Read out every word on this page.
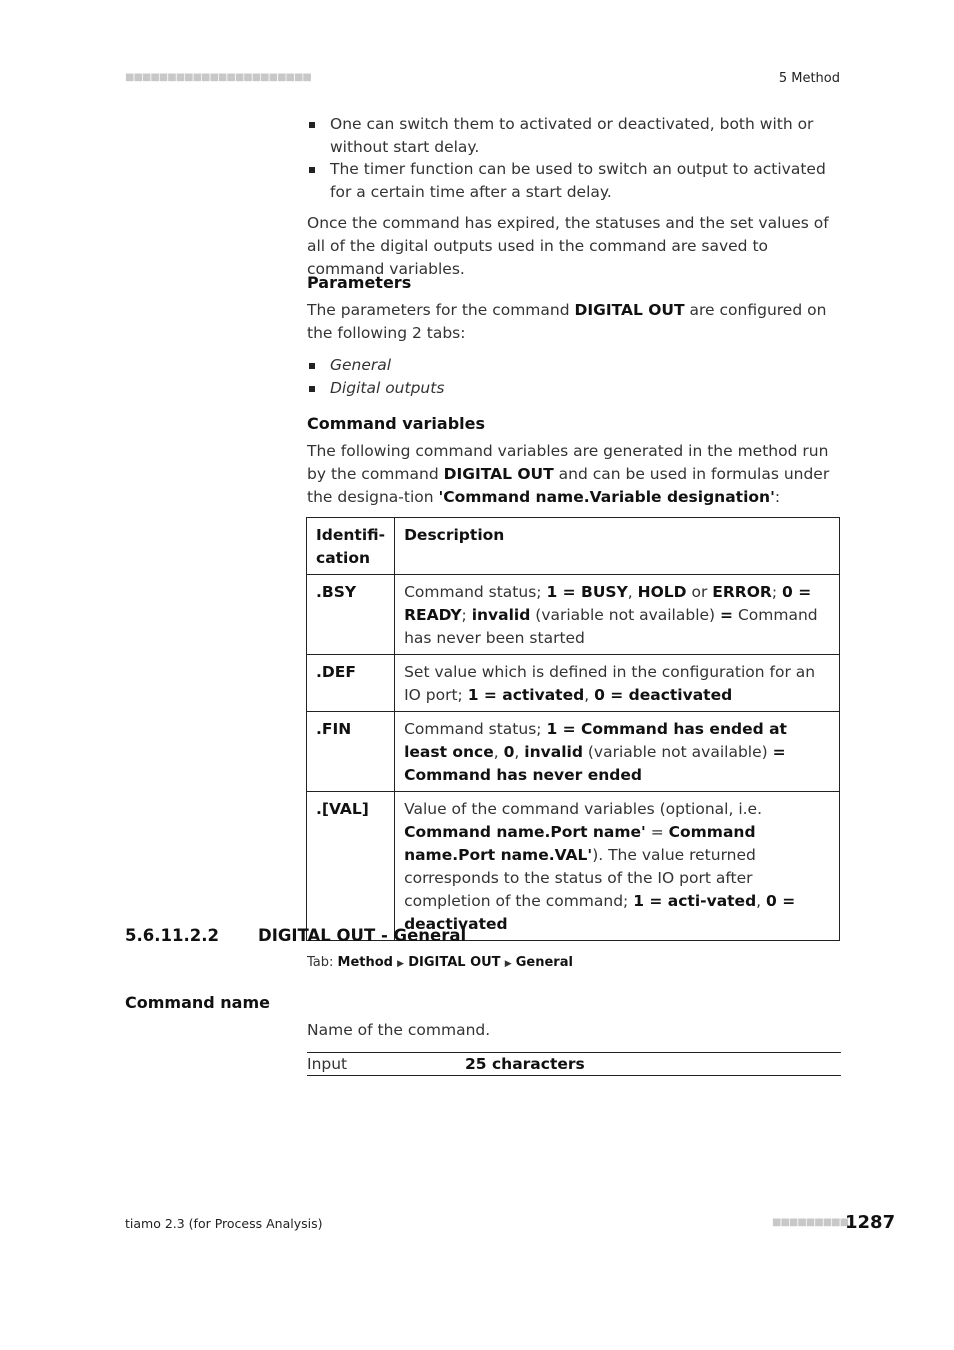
■■■■■■■■■■■■■■■■■■■■■■	5 Method
One can switch them to activated or deactivated, both with or without start delay.
The timer function can be used to switch an output to activated for a certain time after a start delay.
Once the command has expired, the statuses and the set values of all of the digital outputs used in the command are saved to command variables.
Parameters
The parameters for the command DIGITAL OUT are configured on the following 2 tabs:
General
Digital outputs
Command variables
The following command variables are generated in the method run by the command DIGITAL OUT and can be used in formulas under the designa-tion 'Command name.Variable designation':
Identifi-cation	Description
.BSY	Command status; 1 = BUSY, HOLD or ERROR; 0 = READY; invalid (variable not available) = Command has never been started
.DEF	Set value which is defined in the configuration for an IO port; 1 = activated, 0 = deactivated
.FIN	Command status; 1 = Command has ended at least once, 0, invalid (variable not available) = Command has never ended
.[VAL]	Value of the command variables (optional, i.e. Command name.Port name' = Command name.Port name.VAL'). The value returned corresponds to the status of the IO port after completion of the command; 1 = acti-vated, 0 = deactivated
5.6.11.2.2 DIGITAL OUT - General
Tab: Method ▶ DIGITAL OUT ▶ General
Command name
Name of the command.
Input	25 characters
tiamo 2.3 (for Process Analysis)	■■■■■■■■■
1287
